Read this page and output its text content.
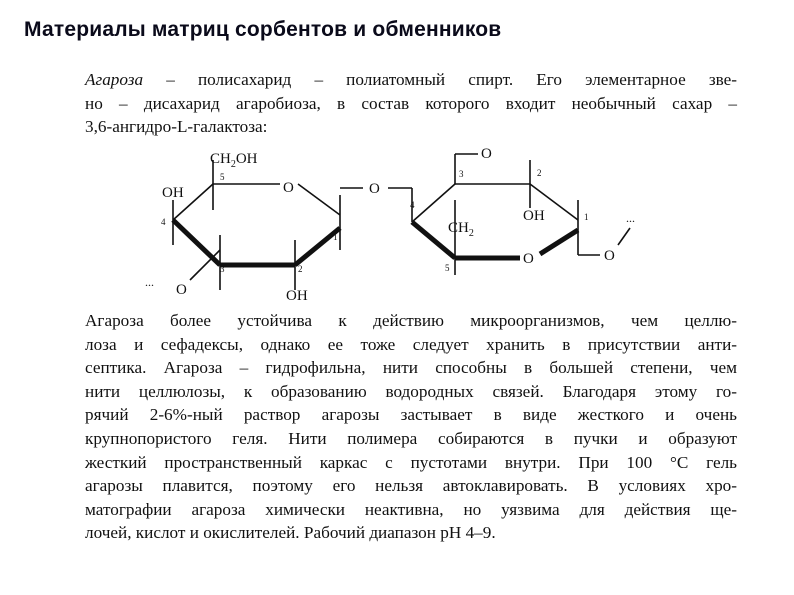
Материалы матриц сорбентов и обменников
Агароза – полисахарид – полиатомный спирт. Его элементарное зве-
но – дисахарид агаробиоза, в состав которого входит необычный сахар –
3,6-ангидро-L-галактоза:
$CH_2OH$
OH	O	O
O
OH
$CH_2$
O	O
O	OH
...
...
5
4
3	2
1
3	2
4
1
5
Агароза более устойчива к действию микроорганизмов, чем целлю-
лоза и сефадексы, однако ее тоже следует хранить в присутствии анти-
септика. Агароза – гидрофильна, нити способны в большей степени, чем
нити целлюлозы, к образованию водородных связей. Благодаря этому го-
рячий 2-6%-ный раствор агарозы застывает в виде жесткого и очень
крупнопористого геля. Нити полимера собираются в пучки и образуют
жесткий пространственный каркас с пустотами внутри. При 100 °С гель
агарозы плавится, поэтому его нельзя автоклавировать. В условиях хро-
матографии агароза химически неактивна, но уязвима для действия ще-
лочей, кислот и окислителей. Рабочий диапазон рН 4–9.
